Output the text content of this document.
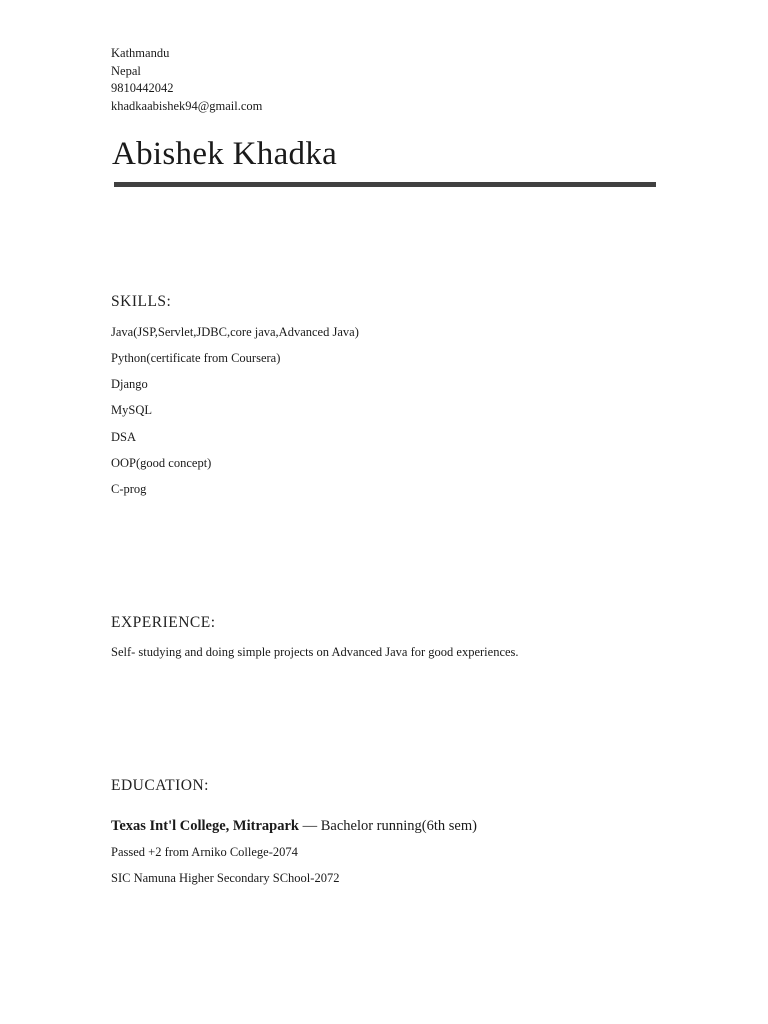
Kathmandu
Nepal
9810442042
khadkaabishek94@gmail.com
Abishek Khadka
SKILLS:
Java(JSP,Servlet,JDBC,core java,Advanced Java)
Python(certificate from Coursera)
Django
MySQL
DSA
OOP(good concept)
C-prog
EXPERIENCE:
Self- studying and doing simple projects on Advanced Java for good experiences.
EDUCATION:
Texas Int'l College, Mitrapark — Bachelor running(6th sem)
Passed +2 from Arniko College-2074
SIC Namuna Higher Secondary SChool-2072
